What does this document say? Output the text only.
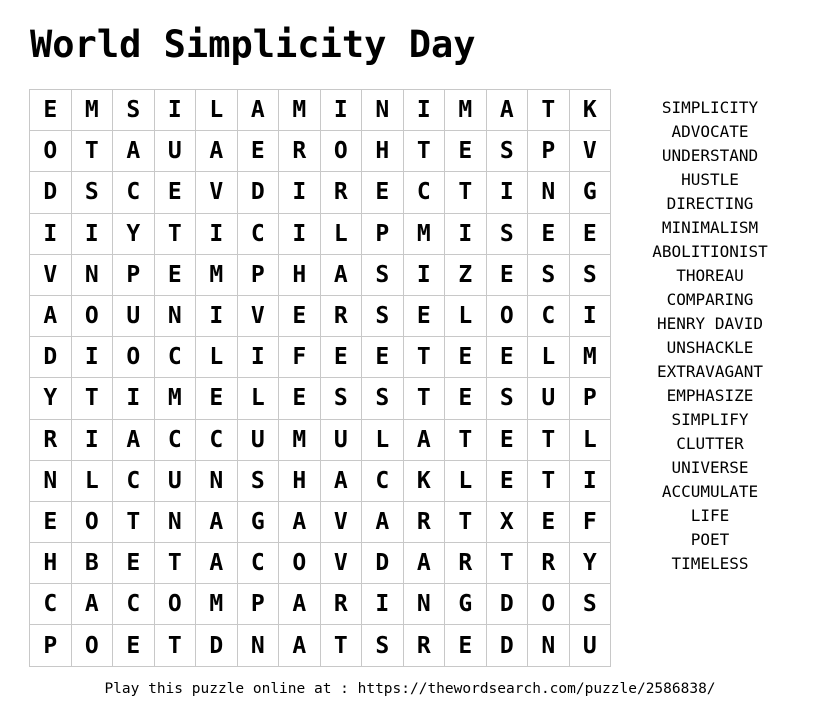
World Simplicity Day
E	M	S	I	L	A	M	I	N	I	M	A	T	K
O	T	A	U	A	E	R	O	H	T	E	S	P	V
D	S	C	E	V	D	I	R	E	C	T	I	N	G
I	I	Y	T	I	C	I	L	P	M	I	S	E	E
V	N	P	E	M	P	H	A	S	I	Z	E	S	S
A	O	U	N	I	V	E	R	S	E	L	O	C	I
D	I	O	C	L	I	F	E	E	T	E	E	L	M
Y	T	I	M	E	L	E	S	S	T	E	S	U	P
R	I	A	C	C	U	M	U	L	A	T	E	T	L
N	L	C	U	N	S	H	A	C	K	L	E	T	I
E	O	T	N	A	G	A	V	A	R	T	X	E	F
H	B	E	T	A	C	O	V	D	A	R	T	R	Y
C	A	C	O	M	P	A	R	I	N	G	D	O	S
P	O	E	T	D	N	A	T	S	R	E	D	N	U
SIMPLICITY
ADVOCATE
UNDERSTAND
HUSTLE
DIRECTING
MINIMALISM
ABOLITIONIST
THOREAU
COMPARING
HENRY DAVID
UNSHACKLE
EXTRAVAGANT
EMPHASIZE
SIMPLIFY
CLUTTER
UNIVERSE
ACCUMULATE
LIFE
POET
TIMELESS
Play this puzzle online at : https://thewordsearch.com/puzzle/2586838/
